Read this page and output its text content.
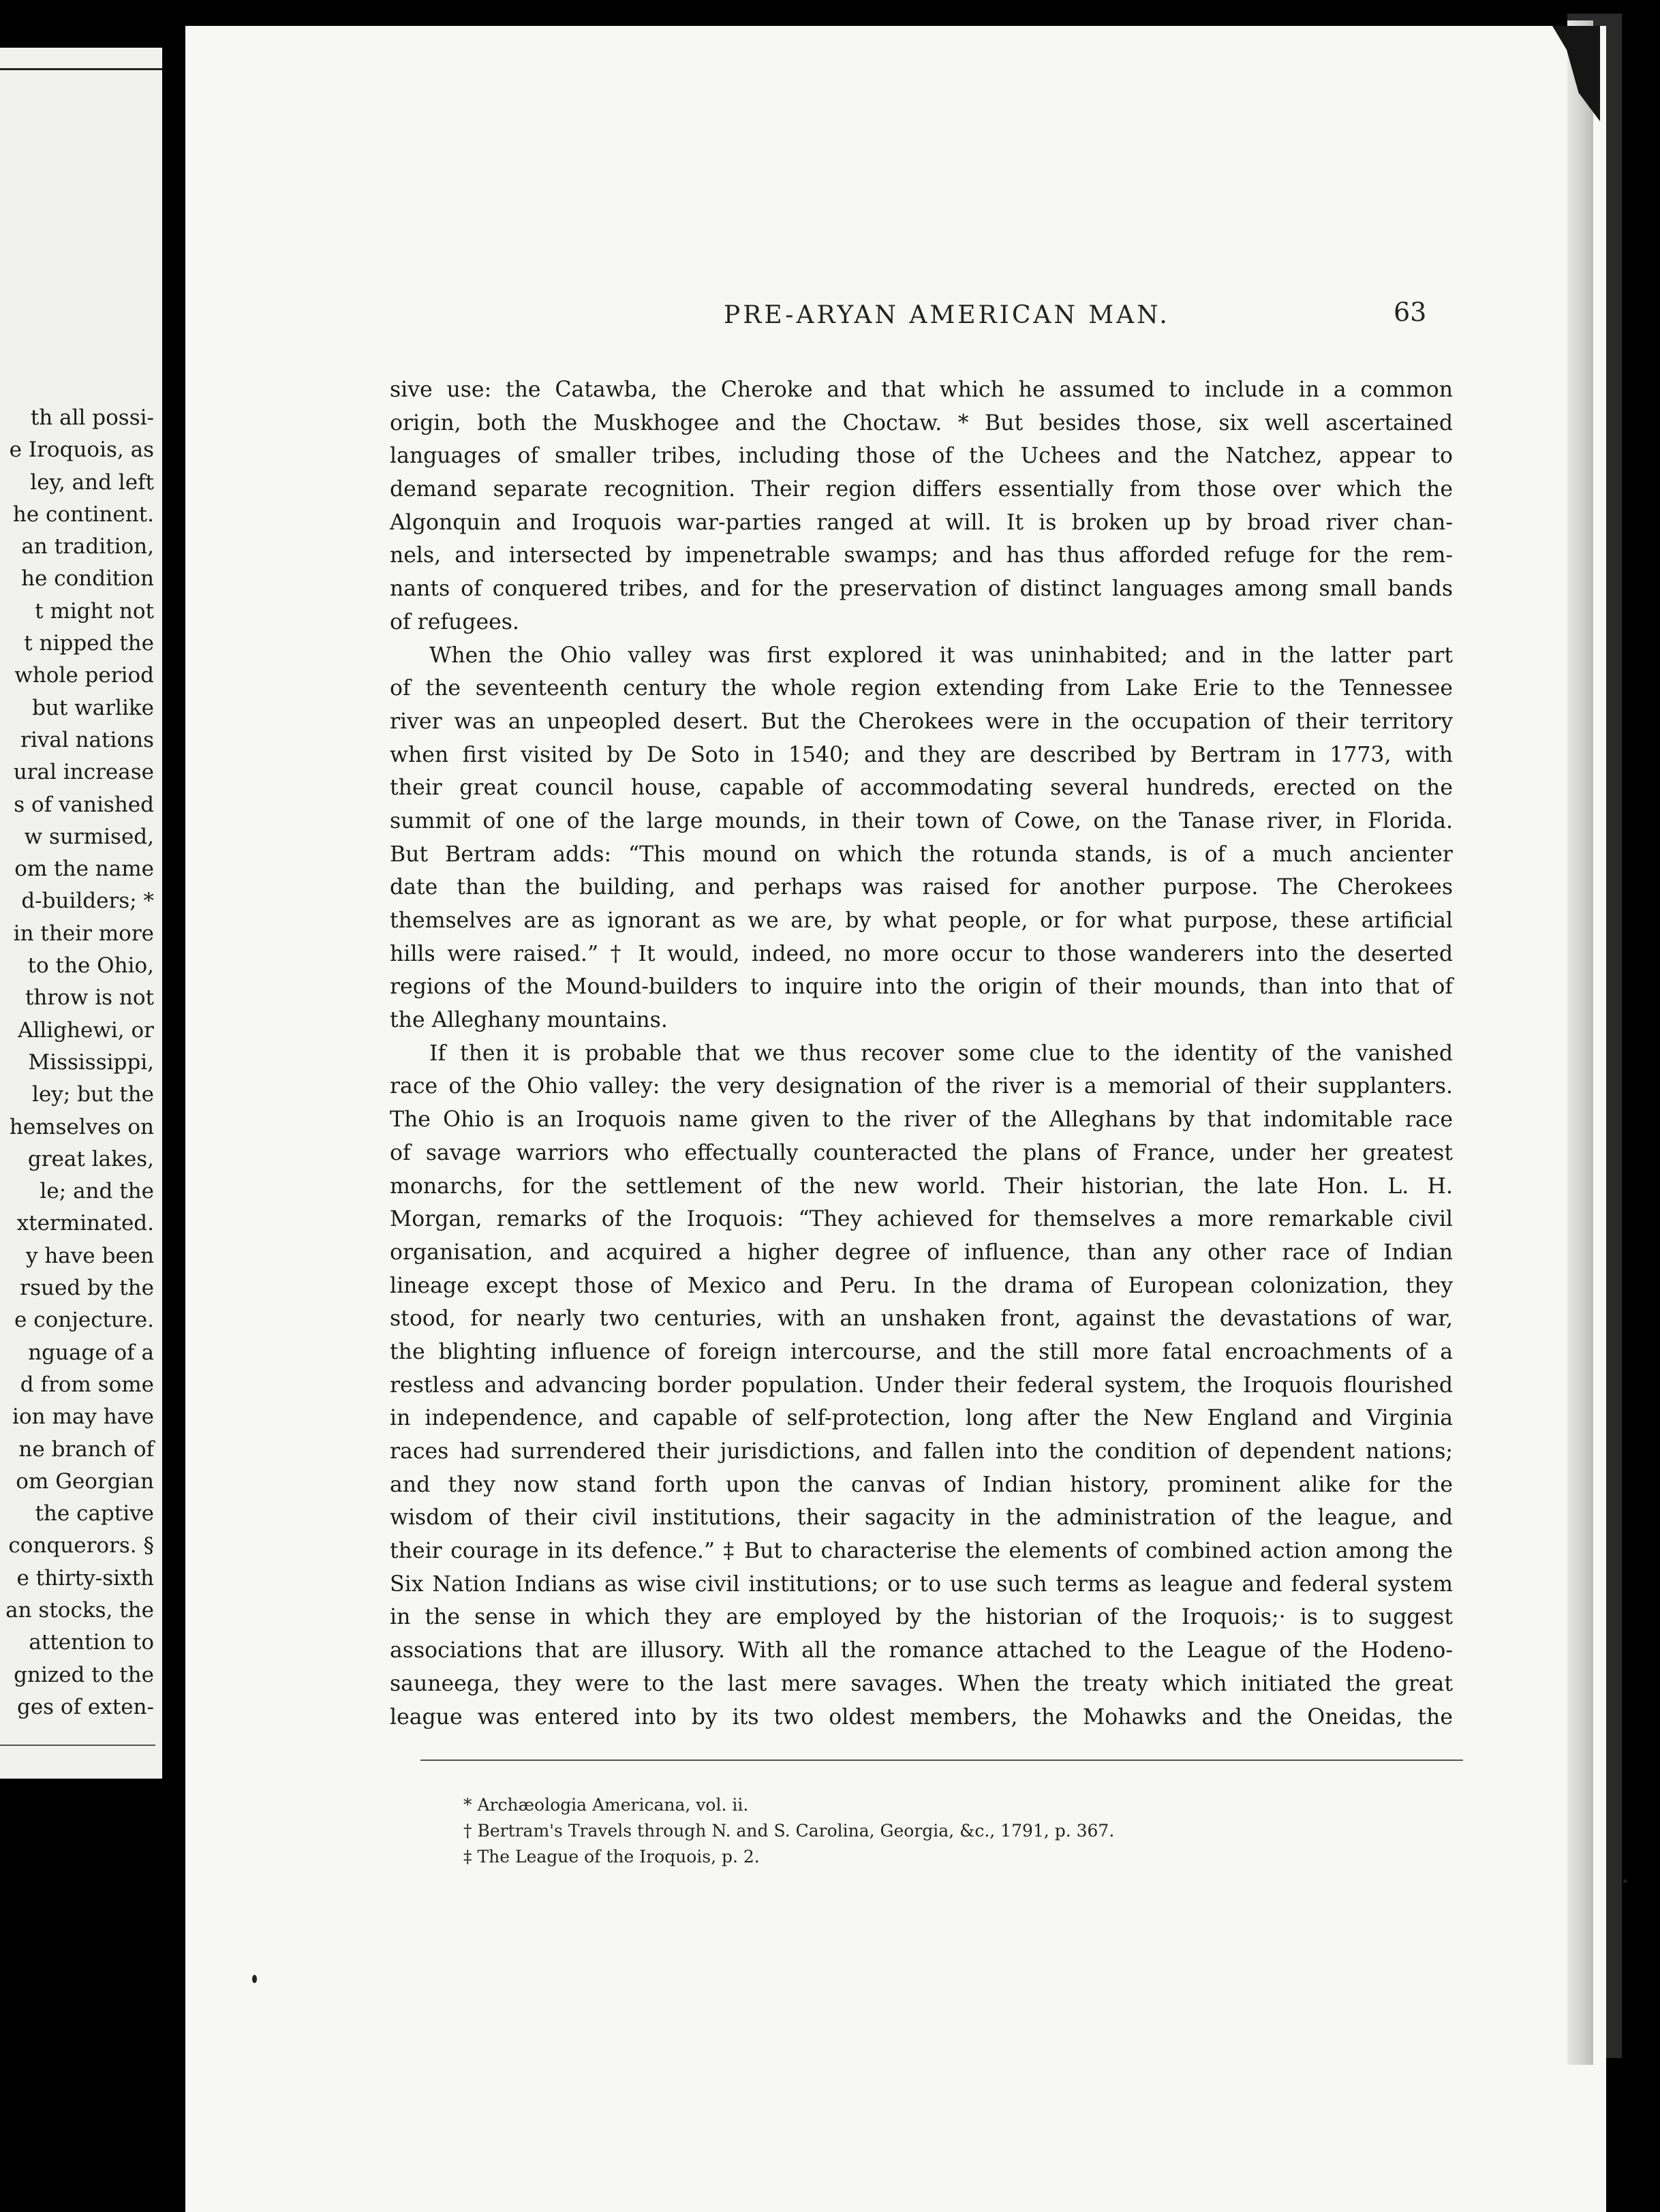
th all possi-
e Iroquois, as
ley, and left
he continent.
an tradition,
he condition
t might not
t nipped the
whole period
but warlike
rival nations
ural increase
s of vanished
w surmised,
om the name
d-builders; *
in their more
to the Ohio,
throw is not
Allighewi, or
Mississippi,
ley; but the
hemselves on
great lakes,
le; and the
xterminated.
y have been
rsued by the
e conjecture.
nguage of a
d from some
ion may have
ne branch of
om Georgian
the captive
conquerors. §
e thirty-sixth
an stocks, the
attention to
gnized to the
ges of exten-
PRE-ARYAN AMERICAN MAN.	63
sive use: the Catawba, the Cheroke and that which he assumed to include in a common
origin, both the Muskhogee and the Choctaw. * But besides those, six well ascertained
languages of smaller tribes, including those of the Uchees and the Natchez, appear to
demand separate recognition. Their region differs essentially from those over which the
Algonquin and Iroquois war-parties ranged at will. It is broken up by broad river chan-
nels, and intersected by impenetrable swamps; and has thus afforded refuge for the rem-
nants of conquered tribes, and for the preservation of distinct languages among small bands
of refugees.
When the Ohio valley was first explored it was uninhabited; and in the latter part
of the seventeenth century the whole region extending from Lake Erie to the Tennessee
river was an unpeopled desert. But the Cherokees were in the occupation of their territory
when first visited by De Soto in 1540; and they are described by Bertram in 1773, with
their great council house, capable of accommodating several hundreds, erected on the
summit of one of the large mounds, in their town of Cowe, on the Tanase river, in Florida.
But Bertram adds: “This mound on which the rotunda stands, is of a much ancienter
date than the building, and perhaps was raised for another purpose. The Cherokees
themselves are as ignorant as we are, by what people, or for what purpose, these artificial
hills were raised.” † It would, indeed, no more occur to those wanderers into the deserted
regions of the Mound-builders to inquire into the origin of their mounds, than into that of
the Alleghany mountains.
If then it is probable that we thus recover some clue to the identity of the vanished
race of the Ohio valley: the very designation of the river is a memorial of their supplanters.
The Ohio is an Iroquois name given to the river of the Alleghans by that indomitable race
of savage warriors who effectually counteracted the plans of France, under her greatest
monarchs, for the settlement of the new world. Their historian, the late Hon. L. H.
Morgan, remarks of the Iroquois: “They achieved for themselves a more remarkable civil
organisation, and acquired a higher degree of influence, than any other race of Indian
lineage except those of Mexico and Peru. In the drama of European colonization, they
stood, for nearly two centuries, with an unshaken front, against the devastations of war,
the blighting influence of foreign intercourse, and the still more fatal encroachments of a
restless and advancing border population. Under their federal system, the Iroquois flourished
in independence, and capable of self-protection, long after the New England and Virginia
races had surrendered their jurisdictions, and fallen into the condition of dependent nations;
and they now stand forth upon the canvas of Indian history, prominent alike for the
wisdom of their civil institutions, their sagacity in the administration of the league, and
their courage in its defence.” ‡ But to characterise the elements of combined action among the
Six Nation Indians as wise civil institutions; or to use such terms as league and federal system
in the sense in which they are employed by the historian of the Iroquois;· is to suggest
associations that are illusory. With all the romance attached to the League of the Hodeno-
sauneega, they were to the last mere savages. When the treaty which initiated the great
league was entered into by its two oldest members, the Mohawks and the Oneidas, the
* Archæologia Americana, vol. ii.
† Bertram's Travels through N. and S. Carolina, Georgia, &c., 1791, p. 367.
‡ The League of the Iroquois, p. 2.
